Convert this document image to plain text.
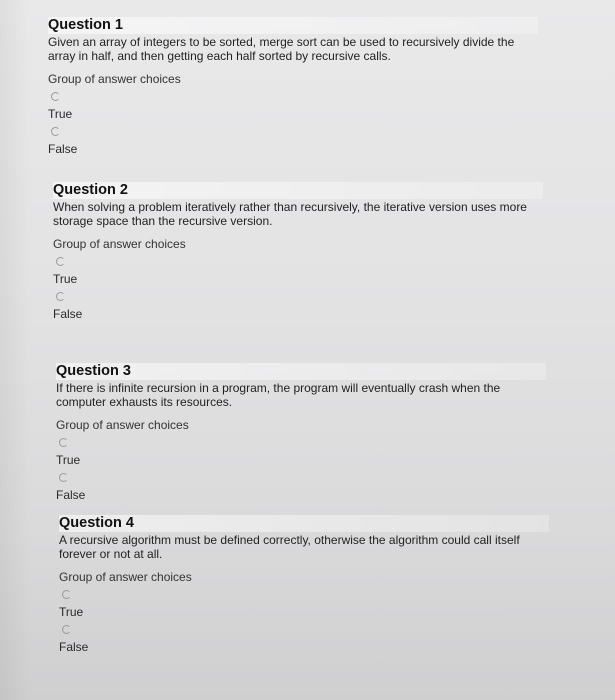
Question 1
Given an array of integers to be sorted, merge sort can be used to recursively divide the array in half, and then getting each half sorted by recursive calls.
Group of answer choices
True
False
Question 2
When solving a problem iteratively rather than recursively, the iterative version uses more storage space than the recursive version.
Group of answer choices
True
False
Question 3
If there is infinite recursion in a program, the program will eventually crash when the computer exhausts its resources.
Group of answer choices
True
False
Question 4
A recursive algorithm must be defined correctly, otherwise the algorithm could call itself forever or not at all.
Group of answer choices
True
False
